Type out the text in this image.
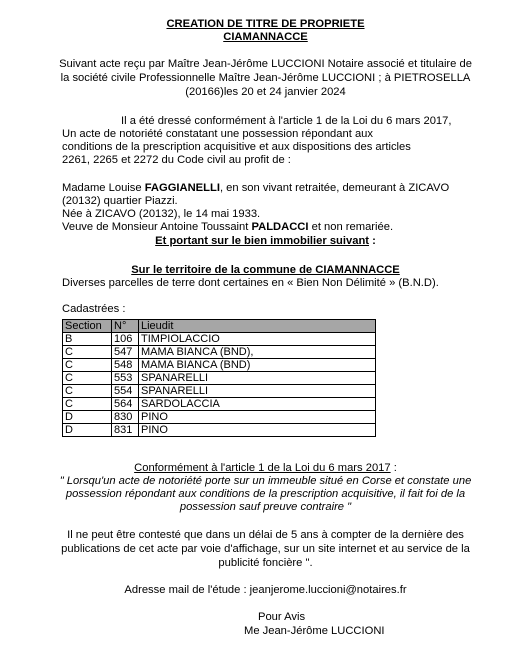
CREATION DE TITRE DE PROPRIETE
CIAMANNACCE
Suivant acte reçu par Maître Jean-Jérôme LUCCIONI Notaire associé et titulaire de
la société civile Professionnelle Maître Jean-Jérôme LUCCIONI ; à PIETROSELLA
(20166)les 20 et 24 janvier 2024
Il a été dressé conformément à l'article 1 de la Loi du 6 mars 2017,
Un acte de notoriété constatant une possession répondant aux
conditions de la prescription acquisitive et aux dispositions des articles
2261, 2265 et 2272 du Code civil au profit de :
Madame Louise FAGGIANELLI, en son vivant retraitée, demeurant à ZICAVO
(20132) quartier Piazzi.
Née à ZICAVO (20132), le 14 mai 1933.
Veuve de Monsieur Antoine Toussaint PALDACCI et non remariée.
Et portant sur le bien immobilier suivant :
Sur le territoire de la commune de CIAMANNACCE
Diverses parcelles de terre dont certaines en « Bien Non Délimité » (B.N.D).
Cadastrées :
Section	N°	Lieudit
B	106	TIMPIOLACCIO
C	547	MAMA BIANCA (BND),
C	548	MAMA BIANCA (BND)
C	553	SPANARELLI
C	554	SPANARELLI
C	564	SARDOLACCIA
D	830	PINO
D	831	PINO
Conformément à l'article 1 de la Loi du 6 mars 2017 :
" Lorsqu'un acte de notoriété porte sur un immeuble situé en Corse et constate une
possession répondant aux conditions de la prescription acquisitive, il fait foi de la
possession sauf preuve contraire "
Il ne peut être contesté que dans un délai de 5 ans à compter de la dernière des
publications de cet acte par voie d'affichage, sur un site internet et au service de la
publicité foncière ".
Adresse mail de l'étude : jeanjerome.luccioni@notaires.fr
Pour Avis
Me Jean-Jérôme LUCCIONI
